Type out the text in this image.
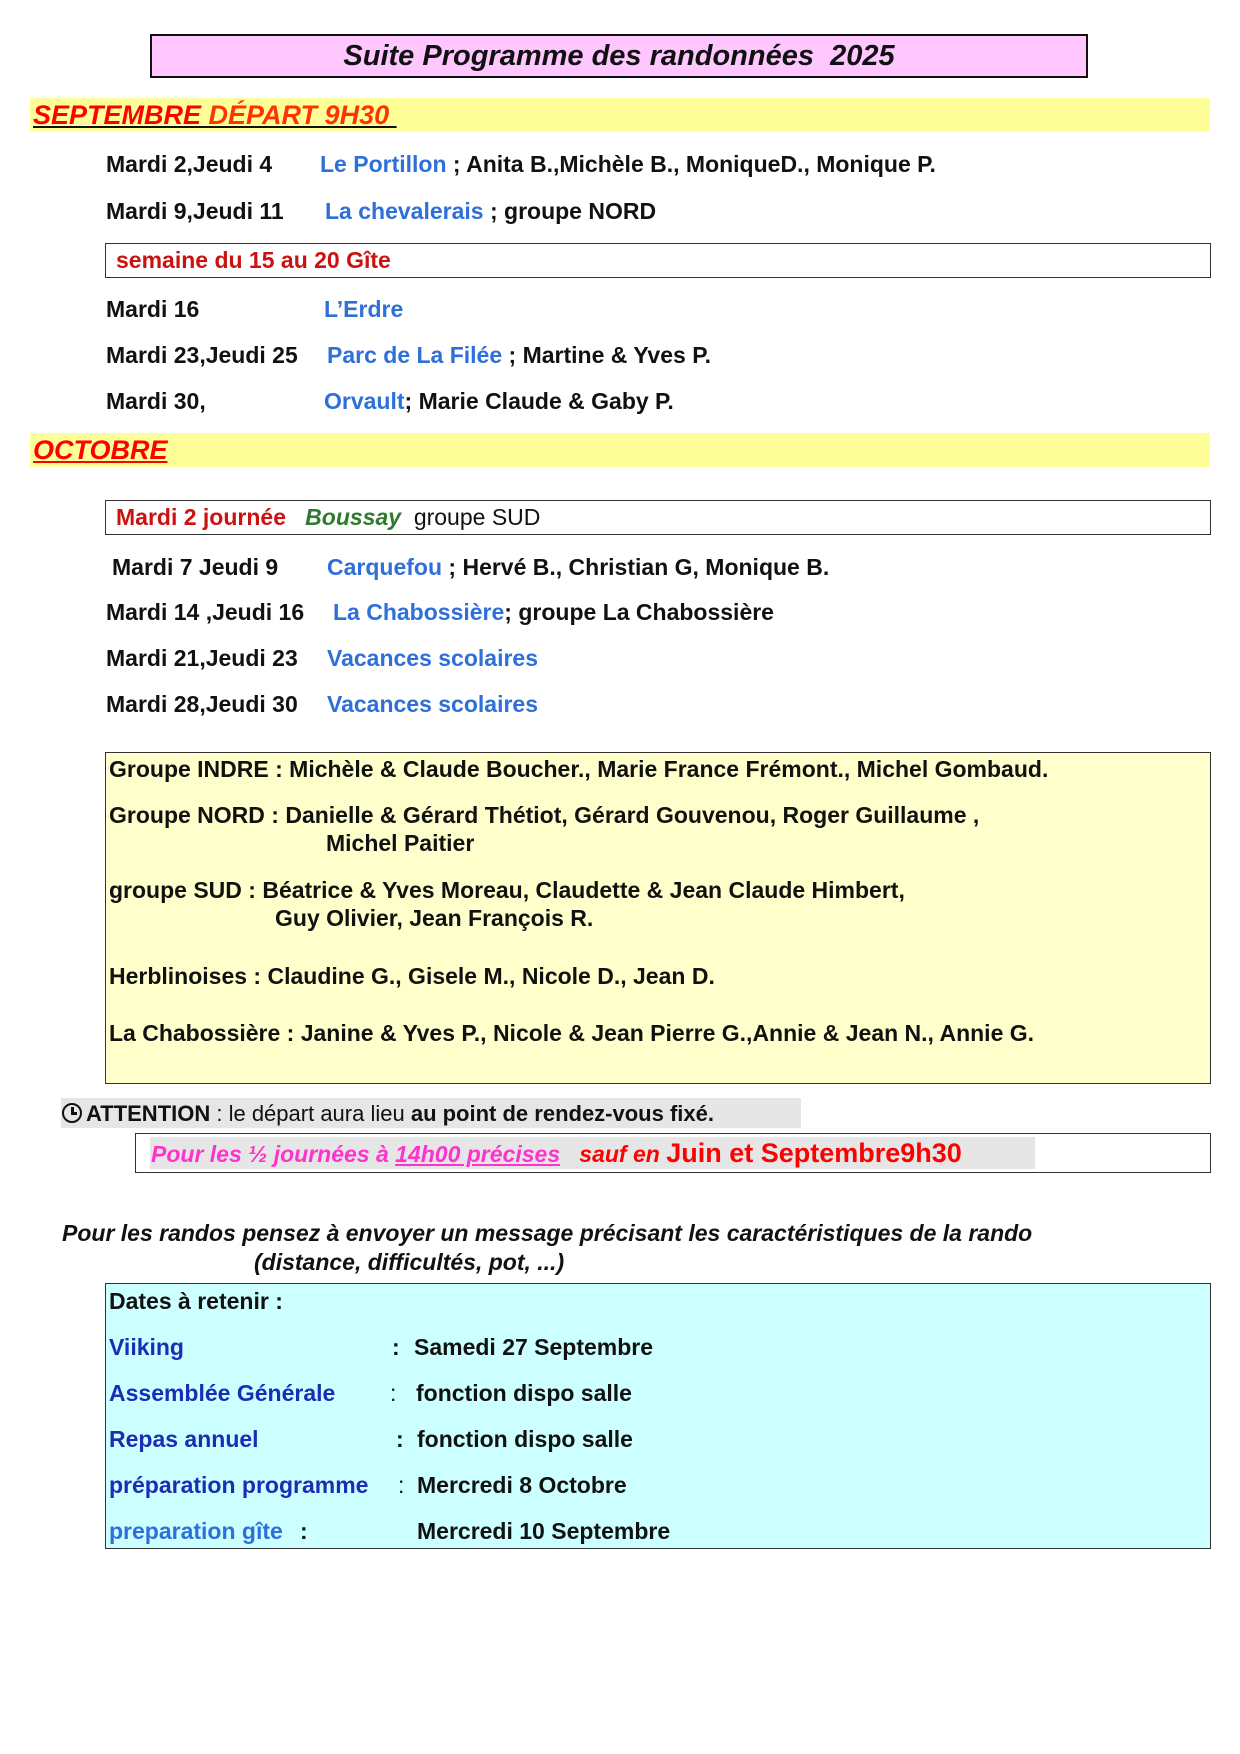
Suite Programme des randonnées  2025
SEPTEMBRE DÉPART 9H30
Mardi 2,Jeudi 4 Le Portillon ; Anita B.,Michèle B., MoniqueD., Monique P.
Mardi 9,Jeudi 11 La chevalerais ; groupe NORD
semaine du 15 au 20 Gîte
Mardi 16	L’Erdre
Mardi 23,Jeudi 25 Parc de La Filée ; Martine & Yves P.
Mardi 30,	Orvault; Marie Claude & Gaby P.
OCTOBRE
Mardi 2 journée Boussay groupe SUD
Mardi 7 Jeudi 9 Carquefou ; Hervé B., Christian G, Monique B.
Mardi 14 ,Jeudi 16 La Chabossière; groupe La Chabossière
Mardi 21,Jeudi 23 Vacances scolaires
Mardi 28,Jeudi 30 Vacances scolaires
Groupe INDRE : Michèle & Claude Boucher., Marie France Frémont., Michel Gombaud.
Groupe NORD : Danielle & Gérard Thétiot, Gérard Gouvenou, Roger Guillaume ,
Michel Paitier
groupe SUD : Béatrice & Yves Moreau, Claudette & Jean Claude Himbert,
Guy Olivier, Jean François R.
Herblinoises : Claudine G., Gisele M., Nicole D., Jean D.
La Chabossière : Janine & Yves P., Nicole & Jean Pierre G.,Annie & Jean N., Annie G.
ATTENTION : le départ aura lieu au point de rendez-vous fixé.
Pour les ½ journées à 14h00 précises sauf en Juin et Septembre9h30
Pour les randos pensez à envoyer un message précisant les caractéristiques de la rando
(distance, difficultés, pot, ...)
Dates à retenir :
Viiking	: Samedi 27 Septembre
Assemblée Générale : fonction dispo salle
Repas annuel	: fonction dispo salle
préparation programme : Mercredi 8 Octobre
preparation gîte :	Mercredi 10 Septembre
